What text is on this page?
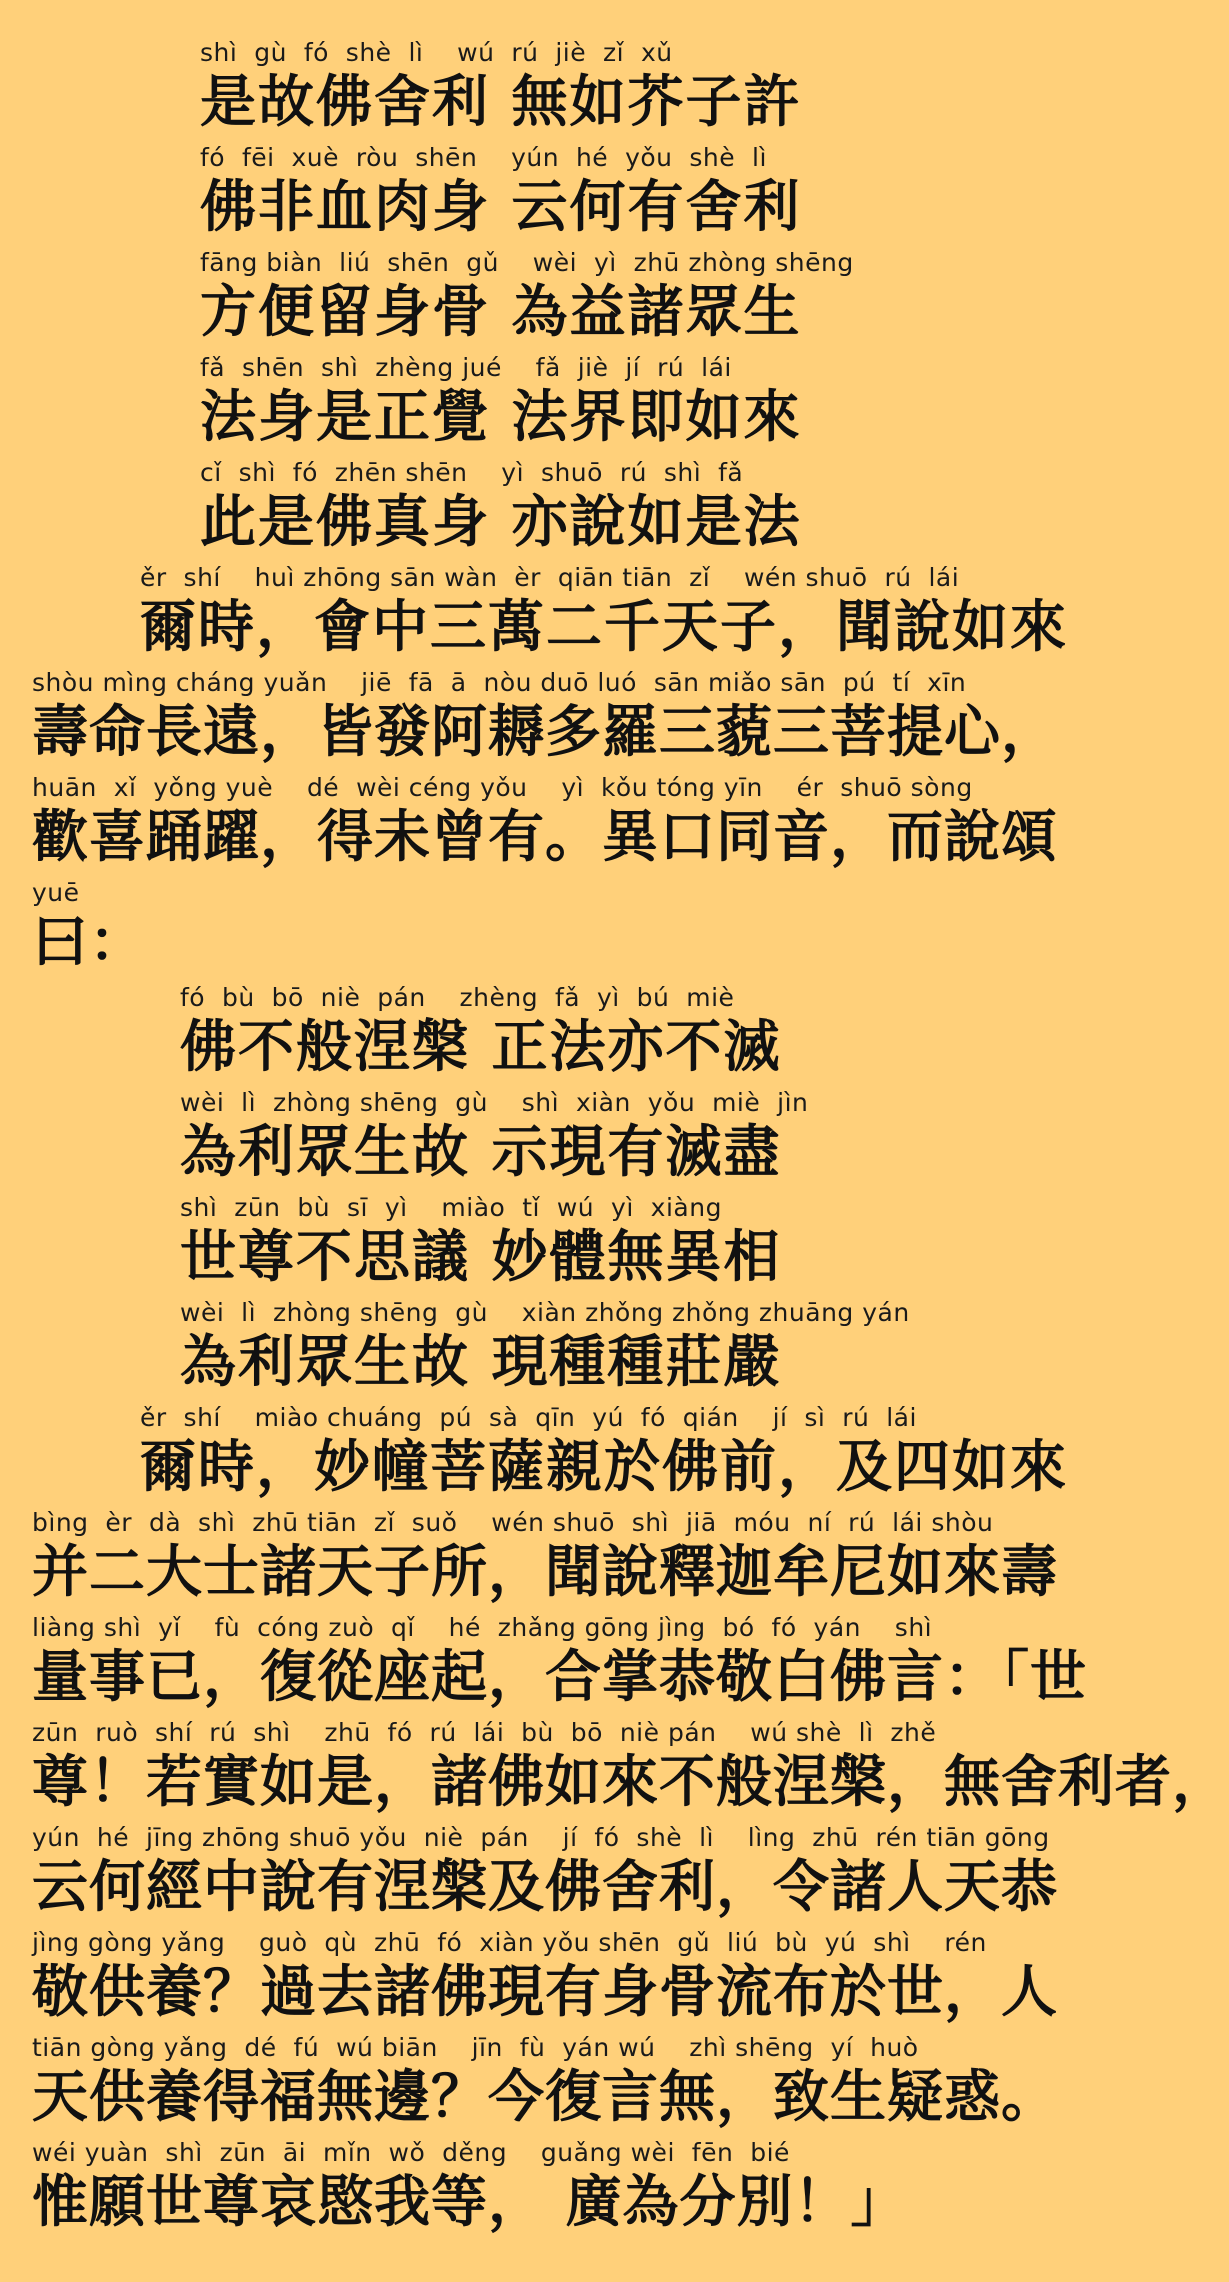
shì  gù  fó  shè  lì    wú  rú  jiè  zǐ  xǔ
是故佛舍利 無如芥子許
fó  fēi  xuè  ròu  shēn    yún  hé  yǒu  shè  lì
佛非血肉身 云何有舍利
fāng biàn  liú  shēn  gǔ    wèi  yì  zhū zhòng shēng
方便留身骨 為益諸眾生
fǎ  shēn  shì  zhèng jué    fǎ  jiè  jí  rú  lái
法身是正覺 法界即如來
cǐ  shì  fó  zhēn shēn    yì  shuō  rú  shì  fǎ
此是佛真身 亦說如是法
ěr  shí    huì zhōng sān wàn  èr  qiān tiān  zǐ    wén shuō  rú  lái
爾時，會中三萬二千天子，聞說如來
shòu mìng cháng yuǎn    jiē  fā  ā  nòu duō luó  sān miǎo sān  pú  tí  xīn
壽命長遠，皆發阿耨多羅三藐三菩提心，
huān  xǐ  yǒng yuè    dé  wèi céng yǒu    yì  kǒu tóng yīn    ér  shuō sòng
歡喜踊躍，得未曾有。異口同音，而說頌
yuē
曰：
fó  bù  bō  niè  pán    zhèng  fǎ  yì  bú  miè
佛不般涅槃 正法亦不滅
wèi  lì  zhòng shēng  gù    shì  xiàn  yǒu  miè  jìn
為利眾生故 示現有滅盡
shì  zūn  bù  sī  yì    miào  tǐ  wú  yì  xiàng
世尊不思議 妙體無異相
wèi  lì  zhòng shēng  gù    xiàn zhǒng zhǒng zhuāng yán
為利眾生故 現種種莊嚴
ěr  shí    miào chuáng  pú  sà  qīn  yú  fó  qián    jí  sì  rú  lái
爾時，妙幢菩薩親於佛前，及四如來
bìng  èr  dà  shì  zhū tiān  zǐ  suǒ    wén shuō  shì  jiā  móu  ní  rú  lái shòu
并二大士諸天子所，聞說釋迦牟尼如來壽
liàng shì  yǐ    fù  cóng zuò  qǐ    hé  zhǎng gōng jìng  bó  fó  yán    shì
量事已，復從座起，合掌恭敬白佛言：「世
zūn  ruò  shí  rú  shì    zhū  fó  rú  lái  bù  bō  niè pán    wú shè  lì  zhě
尊！若實如是，諸佛如來不般涅槃，無舍利者，
yún  hé  jīng zhōng shuō yǒu  niè  pán    jí  fó  shè  lì    lìng  zhū  rén tiān gōng
云何經中說有涅槃及佛舍利，令諸人天恭
jìng gòng yǎng    guò  qù  zhū  fó  xiàn yǒu shēn  gǔ  liú  bù  yú  shì    rén
敬供養？過去諸佛現有身骨流布於世，人
tiān gòng yǎng  dé  fú  wú biān    jīn  fù  yán wú    zhì shēng  yí  huò
天供養得福無邊？今復言無，致生疑惑。
wéi yuàn  shì  zūn  āi  mǐn  wǒ  děng    guǎng wèi  fēn  bié
惟願世尊哀愍我等， 廣為分別！」
